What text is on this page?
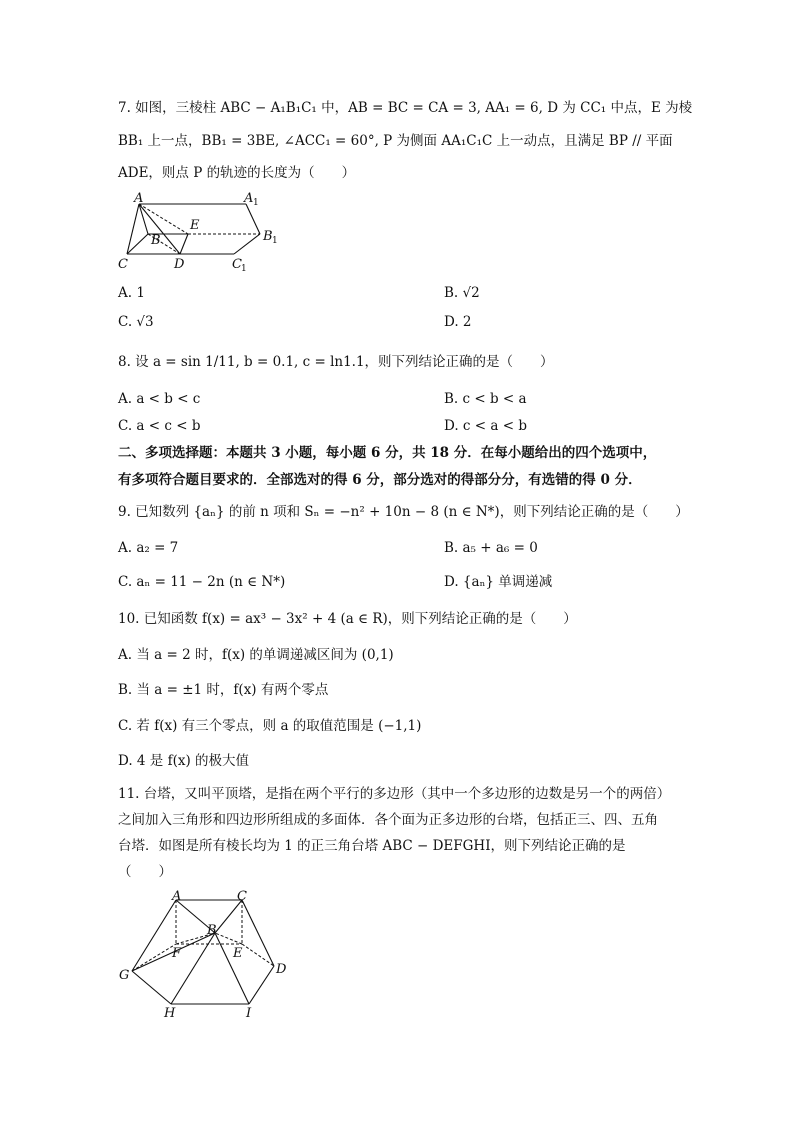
7. 如图，三棱柱 ABC − A₁B₁C₁ 中，AB = BC = CA = 3, AA₁ = 6, D 为 CC₁ 中点，E 为棱
BB₁ 上一点，BB₁ = 3BE, ∠ACC₁ = 60°, P 为侧面 AA₁C₁C 上一动点，且满足 BP // 平面
ADE，则点 P 的轨迹的长度为（　　）
A	A 1
B	B 1
C	C 1
D
E
A. 1	B. √2
C. √3	D. 2
8. 设 a = sin 1/11, b = 0.1, c = ln1.1，则下列结论正确的是（　　）
A. a < b < c	B. c < b < a
C. a < c < b	D. c < a < b
二、多项选择题：本题共 3 小题，每小题 6 分，共 18 分．在每小题给出的四个选项中，
有多项符合题目要求的．全部选对的得 6 分，部分选对的得部分分，有选错的得 0 分．
9. 已知数列 {aₙ} 的前 n 项和 Sₙ = −n² + 10n − 8 (n ∈ N*)，则下列结论正确的是（　　）
A. a₂ = 7	B. a₅ + a₆ = 0
C. aₙ = 11 − 2n (n ∈ N*)	D. {aₙ} 单调递减
10. 已知函数 f(x) = ax³ − 3x² + 4 (a ∈ R)，则下列结论正确的是（　　）
A. 当 a = 2 时，f(x) 的单调递减区间为 (0,1)
B. 当 a = ±1 时，f(x) 有两个零点
C. 若 f(x) 有三个零点，则 a 的取值范围是 (−1,1)
D. 4 是 f(x) 的极大值
11. 台塔，又叫平顶塔，是指在两个平行的多边形（其中一个多边形的边数是另一个的两倍）
之间加入三角形和四边形所组成的多面体．各个面为正多边形的台塔，包括正三、四、五角
台塔．如图是所有棱长均为 1 的正三角台塔 ABC − DEFGHI，则下列结论正确的是
（　　）
A
B
C
D
E
F
G
H	I
